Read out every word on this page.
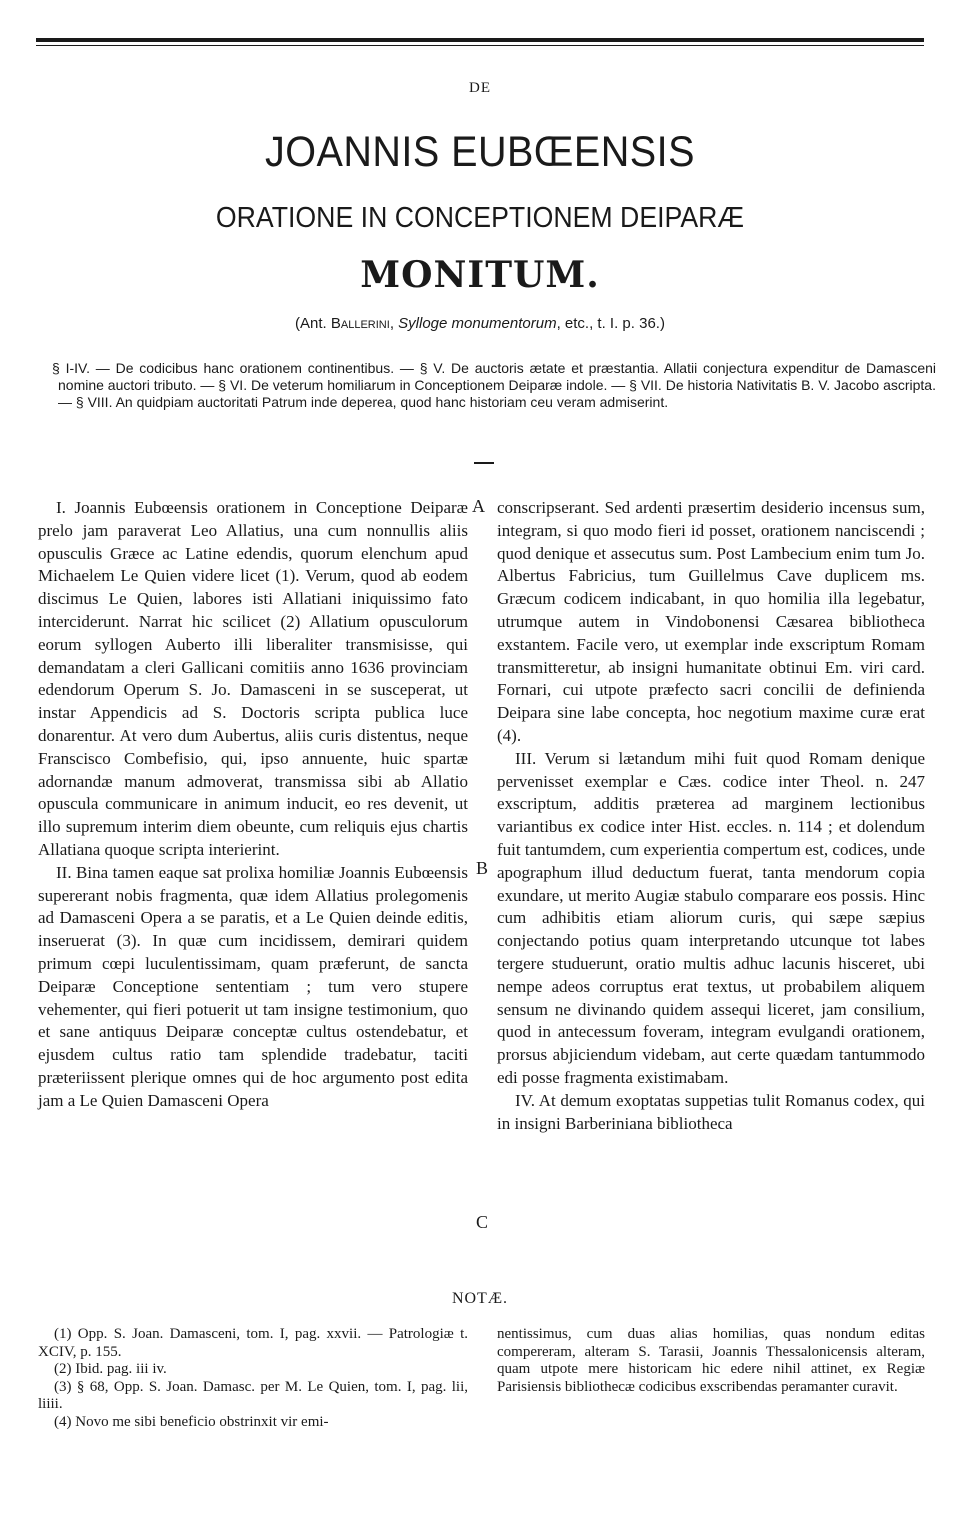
DE
JOANNIS EUBŒENSIS
ORATIONE IN CONCEPTIONEM DEIPARÆ
MONITUM.
(Ant. Ballerini, Sylloge monumentorum, etc., t. I. p. 36.)
§ I-IV. — De codicibus hanc orationem continentibus. — § V. De auctoris ætate et præstantia. Allatii conjectura expenditur de Damasceni nomine auctori tributo. — § VI. De veterum homiliarum in Conceptionem Deiparæ indole. — § VII. De historia Nativitatis B. V. Jacobo ascripta. — § VIII. An quidpiam auctoritati Patrum inde deperea, quod hanc historiam ceu veram admiserint.

I. Joannis Eubœensis orationem in Conceptione Deiparæ prelo jam paraverat Leo Allatius, una cum nonnullis aliis opusculis Græce ac Latine edendis, quorum elenchum apud Michaelem Le Quien videre licet (1). Verum, quod ab eodem discimus Le Quien, labores isti Allatiani iniquissimo fato interciderunt. Narrat hic scilicet (2) Allatium opusculorum eorum syllogen Auberto illi liberaliter transmisisse, qui demandatam a cleri Gallicani comitiis anno 1636 provinciam edendorum Operum S. Jo. Damasceni in se susceperat, ut instar Appendicis ad S. Doctoris scripta publica luce donarentur. At vero dum Aubertus, aliis curis distentus, neque Franscisco Combefisio, qui, ipso annuente, huic spartæ adornandæ manum admoverat, transmissa sibi ab Allatio opuscula communicare in animum inducit, eo res devenit, ut illo supremum interim diem obeunte, cum reliquis ejus chartis Allatiana quoque scripta interierint.

II. Bina tamen eaque sat prolixa homiliæ Joannis Eubœensis supererant nobis fragmenta, quæ idem Allatius prolegomenis ad Damasceni Opera a se paratis, et a Le Quien deinde editis, inseruerat (3). In quæ cum incidissem, demirari quidem primum cœpi luculentissimam, quam præferunt, de sancta Deiparæ Conceptione sententiam ; tum vero stupere vehementer, qui fieri potuerit ut tam insigne testimonium, quo et sane antiquus Deiparæ conceptæ cultus ostendebatur, et ejusdem cultus ratio tam splendide tradebatur, taciti præteriissent plerique omnes qui de hoc argumento post edita jam a Le Quien Damasceni Opera

conscripserant. Sed ardenti præsertim desiderio incensus sum, integram, si quo modo fieri id posset, orationem nanciscendi ; quod denique et assecutus sum. Post Lambecium enim tum Jo. Albertus Fabricius, tum Guillelmus Cave duplicem ms. Græcum codicem indicabant, in quo homilia illa legebatur, utrumque autem in Vindobonensi Cæsarea bibliotheca exstantem. Facile vero, ut exemplar inde exscriptum Romam transmitteretur, ab insigni humanitate obtinui Em. viri card. Fornari, cui utpote præfecto sacri concilii de definienda Deipara sine labe concepta, hoc negotium maxime curæ erat (4).

III. Verum si lætandum mihi fuit quod Romam denique pervenisset exemplar e Cæs. codice inter Theol. n. 247 exscriptum, additis præterea ad marginem lectionibus variantibus ex codice inter Hist. eccles. n. 114 ; et dolendum fuit tantumdem, cum experientia compertum est, codices, unde apographum illud deductum fuerat, tanta mendorum copia exundare, ut merito Augiæ stabulo comparare eos possis. Hinc cum adhibitis etiam aliorum curis, qui sæpe sæpius conjectando potius quam interpretando utcunque tot labes tergere studuerunt, oratio multis adhuc lacunis hisceret, ubi nempe adeos corruptus erat textus, ut probabilem aliquem sensum ne divinando quidem assequi liceret, jam consilium, quod in antecessum foveram, integram evulgandi orationem, prorsus abjiciendum videbam, aut certe quædam tantummodo edi posse fragmenta existimabam.

IV. At demum exoptatas suppetias tulit Romanus codex, qui in insigni Barberiniana bibliotheca

A
B
C
NOTÆ.

(1) Opp. S. Joan. Damasceni, tom. I, pag. xxvii. — Patrologiæ t. XCIV, p. 155.

(2) Ibid. pag. iii iv.

(3) § 68, Opp. S. Joan. Damasc. per M. Le Quien, tom. I, pag. lii, liiii.

(4) Novo me sibi beneficio obstrinxit vir emi-

nentissimus, cum duas alias homilias, quas nondum editas compereram, alteram S. Tarasii, Joannis Thessalonicensis alteram, quam utpote mere historicam hic edere nihil attinet, ex Regiæ Parisiensis bibliothecæ codicibus exscribendas peramanter curavit.
